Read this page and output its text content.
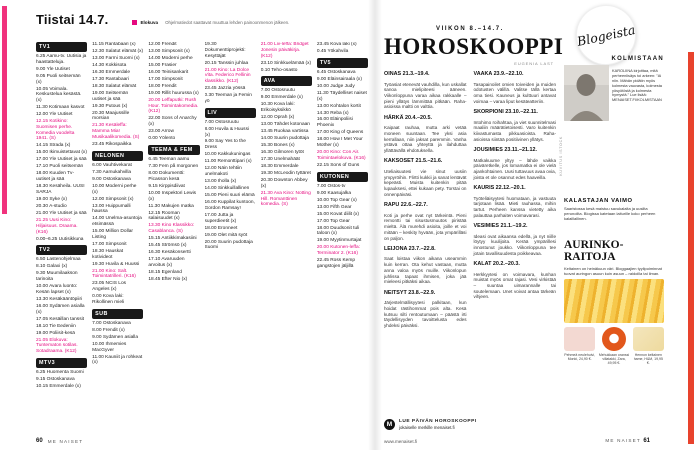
Tiistai 14.7.	Elokuva Ohjelmatiedot saattavat muuttua lehden painoonmenon jälkeen.
TV1

6.25 Aamu-tv. Uutisia ja haastatteluja.

9.00 Yle Uutiset

9.05 Puoli seitsemän (x)

10.05 Voimala. Keskustelua kesästä. (x)

11.30 Kotimaan kasvot

12.00 Yle Uutiset

12.15 Kotikino: Suomisen perhe. Komedia vuodelta 1941. (S)

14.15 Strada (x)

15.00 Ikimuistettavat (x)

17.00 Yle Uutiset ja sää

17.10 Puoli seitsemän

18.00 Kuuden Tv-uutiset ja sää

18.30 Kesäheila. UUSI SARJA

19.00 Syke (x)

20.30 A-studio

21.00 Yle Uutiset ja sää

21.25 Uusi Kino: Hiljaisuus. Draama. (K16)

0.00–6.25 Uutisikkuna

TV2

6.50 Lastenohjelmaa

8.10 Galaxi (x)

9.30 Muumilaakson tarinoita

10.00 Avara luonto: Kesän lapset (x)

13.30 Kesäkääntöpiiri

16.00 Sydämen asialla (x)

17.05 Kesäillan tanssit

18.10 Tie Eedeniin

19.00 Poliisit-kesä

21.05 Elokuva: Tuntematon sotilas. Sotadraama. (K12)

MTV3

6.25 Huomenta Suomi

9.15 Ostoskanava

10.15 Emmerdale (x)

11.15 Rantabaari (x)

12.30 Salatut elämät (x)

13.00 Farmi Suomi (x)

14.30 Kokkisota

16.30 Emmerdale

17.30 Rantabaari

18.30 Salatut elämät

19.00 Seitsemän uutiset ja sää

19.30 Putous (x)

20.30 Maajussille morsian

21.30 Kesäleffa: Mamma Mia! Musikaalikomedia. (S)

23.45 Rikospaikka

NELONEN

6.00 Vauhtivekarat

7.30 Aamukahvilla

9.00 Ostoskanava

10.00 Moderni perhe (x)

12.00 Simpsonit (x)

13.00 Huippumalli haussa

14.00 Unelma-asuntoja etsimässä

15.00 Million Dollar Listing

17.00 Simpsonit

18.30 Hauskat kotivideot

19.30 Huvila & Huussi

21.00 Kino: Salt. Toimintatrilleri. (K16)

23.05 NCIS Los Angeles (x)

0.00 Kova laki: Rikollinen mieli

SUB

7.00 Ostoskanava

8.00 Frendit (x)

9.00 Sydämen asialla

10.00 Ihmemies MacGyver

11.00 Kauniit ja rohkeat (x)

12.00 Frendit

13.00 Simpsonit (x)

14.00 Moderni perhe

15.00 Frasier

16.00 Teinisankarit

17.00 Simpsonit

18.00 Frendit

19.00 Rillit huurussa (x)

20.00 Leffaputki: Rush Hour. Toimintakomedia. (K12)

22.00 Sons of Anarchy (x)

23.00 Arrow

0.00 Yölento

TEEMA & FEM

6.45 Teeman aamu

7.30 Fem på morgonen

8.00 Dokumentti: Picasson kesä

9.15 Kirppisdiivat

10.00 Inspektori Lewis (x)

11.30 Makujen matka

12.15 Rooman salaisuudet (x)

13.30 Kino Klassikko: Casablanca. (S)

15.15 Antiikkimakasiini

15.45 Strömsö (x)

16.30 Kesäkonsertti

17.10 Avaruuden arvoitus (x)

18.15 Egenland

18.45 Efter Nio (x)

19.30 Dokumenttiprojekti: Kesyttäjät

20.15 Tanssin juhlaa

21.00 Kino: La Dolce Vita. Federico Fellinin klassikko. (K12)

23.45 Jazzia yössä

0.30 Teeman ja Femin yö

LIV

7.00 Ostosruutu

8.00 Huvila & Huussi (x)

9.00 Say Yes to the Dress

10.00 Kakkukuningas

11.00 Remonttipari (x)

12.00 Näin tehtiin unelmakoti

13.00 Iholla (x)

14.00 Sinkkuillallinen

15.00 Pieni suuri elämä

16.00 Kuppilat kuntoon, Gordon Ramsay!

17.00 Jutta ja superdieetit (x)

18.00 Eronneet

19.00 Olet mitä syöt

20.00 Suurin pudottaja Suomi

21.00 Liv-leffa: Bridget Jonesin päiväkirja. (K12)

23.10 Sinkkuelämää (x)

0.10 Teho-osasto

AVA

7.00 Ostosruutu

9.00 Emmerdale (x)

10.30 Kova laki: Erikoisyksikkö

12.00 Oprah (x)

13.00 Tähdet kotonaan

13.45 Ruokaa vartissa

14.00 Suurin pudottaja

15.30 Bones (x)

16.30 Gilmoren tytöt

17.30 Unelmahäät

18.30 Emmerdale

19.30 McLeodin tyttäret

20.30 Downton Abbey (x)

21.30 Ava Kino: Notting Hill. Romanttinen komedia. (S)

23.45 Kova laki (x)

0.45 Yökahvila

TV5

6.45 Ostoskanava

9.00 Eläinsairaala (x)

10.00 Judge Judy

11.30 Täydelliset naiset (x)

13.00 Kohtalon kortit

14.30 Reba (x)

16.00 Eläinpoliisi Phoenix

17.00 King of Queens

18.00 How I Met Your Mother (x)

20.00 Kino: Con Air. Toimintaelokuva. (K16)

22.15 Sons of Guns

KUTONEN

7.00 Ostos-tv

9.00 Kaasujalka

10.00 Top Gear (x)

13.00 Fifth Gear

15.00 Kovat diilit (x)

17.00 Top Gear

18.00 Duudsonit tuli taloon (x)

19.00 Myytinmurtajat

20.00 Kutonen-leffa: Terminator 2. (K16)

22.45 Ross Kemp gangstojen jäljillä

60 ME NAISET
VIIKON 8.–14.7.
HOROSKOOPPI
EUGENIA LAST
OINAS 21.3.–19.4.

Työasiat etenevät vauhdilla, kun uskallat sanoa mielipiteesi ääneen. Viikonloppuna varaa aikaa rakkaalle – pieni yllätys lämmittää pitkään. Raha-asioissa maltti on valttia.

HÄRKÄ 20.4.–20.5.

Kaipaat rauhaa, mutta arki vetää moneen suuntaan. Tee yksi asia kerrallaan, niin jaksat paremmin. Vanha ystävä ottaa yhteyttä ja ilahduttaa yllättävällä ehdotuksella.

KAKSOSET 21.5.–21.6.

Uteliaisuutesi vie sinut uusiin ympyröihin. Flirtti kukkii ja sanat lentävät kepeästi. Muista kuitenkin pitää lupauksesi, ettei kukaan pety. Torstai on onnenpäiväsi.

RAPU 22.6.–22.7.

Koti ja perhe ovat nyt tärkeintä. Pieni remontti tai sisustusmuutos piristää mieltä. Älä murehdi asioita, joille et voi mitään – keskity hyvään, jota ympärilläsi on paljon.

LEIJONA 23.7.–22.8.

Saat loistaa viikon aikana useammin kuin kerran. Ota kehut vastaan, mutta anna valoa myös muille. Viikonlopun juhlissa tapaat ihmisen, joka jää mieleesi pitkäksi aikaa.

NEITSYT 23.8.–22.9.

Järjestelmällisyytesi palkitaan, kun hoidat rästihommat pois alta. Kesä kutsuu silti rentoutumaan – päästä irti täydellisyyden tavoittelusta edes yhdeksi päiväksi.

VAAKA 23.9.–22.10.

Tasapainoilet omien toiveiden ja muiden odotusten välillä. Valitse tällä kertaa oma tiesi. Kauneus ja kulttuuri antavat voimaa – varaa liput kesäteatteriin.

SKORPIONI 23.10.–22.11.

Intohimo roihahtaa, ja viet suunnitelmasi maaliin määrätietoisesti. Varo kuitenkin kiivastumasta pikkuasioista. Raha-asioissa siintää positiivinen yllätys.

JOUSIMIES 23.11.–21.12.

Matkakuume yltyy – lähde vaikka päiväretkelle, jos lomamatka ei ole vielä ajankohtainen. Uusi tuttavuus avaa ovia, joista et ole osannut edes haaveilla.

KAURIS 22.12.–20.1.

Työteliäisyytesi huomataan, ja vastuuta tarjotaan lisää. Mieti rauhassa, mihin tartut. Perheen kanssa vietetty aika palauttaa parhaiten voimavarasi.

VESIMIES 21.1.–19.2.

Ideasi ovat aikaansa edellä, ja nyt niille löytyy kuulijoita. Kerää ympärillesi innostunut joukko. Viikonloppuna tee jotain tavallisuudesta poikkeavaa.

KALAT 20.2.–20.3.

Herkkyytesi on voimavara, kunhan muistat myös omat rajasi. Vesi virkistää – suuntaa uimarannalle tai soutelemaan. Unet voivat antaa tärkeän vihjeen.

M	LUE PÄIVÄN HOROSKOOPPI
jokaiselle merkille menaiset.fi
KUVITUS ISTOCK
Blogeista
KOLMISTAAN

KAROLIINA kirjoittaa, mitä perheenlisäys toi arkeen: "Ai niin. Mähän pidätin myös kolmesta vauvasta, kolmesta yösyötöstä ja kolmesta hymystä." Lue lisää: MENAISET.FI/KOLMISTAAN

KALASTAJAN VAIMO

Saaristossa kesä maistuu savukalalta ja uusilta perunoilta. Blogissa katetaan laiturille koko perheen kalaillallinen.

AURINKO-RAITOJA

Keltainen on heinäkuun väri. Bloggaajien tyylipoiminnat tuovat auringon asuun kuin asuun – raidoilla tai ilman.

Pehmeä neulehuivi, Monki, 24,90 €.
Mehukkaan oranssi villatakki, Zara, 49,95 €.
Hennon keltainen hame, H&M, 19,95 €.
www.menaiset.fi	ME NAISET 61
